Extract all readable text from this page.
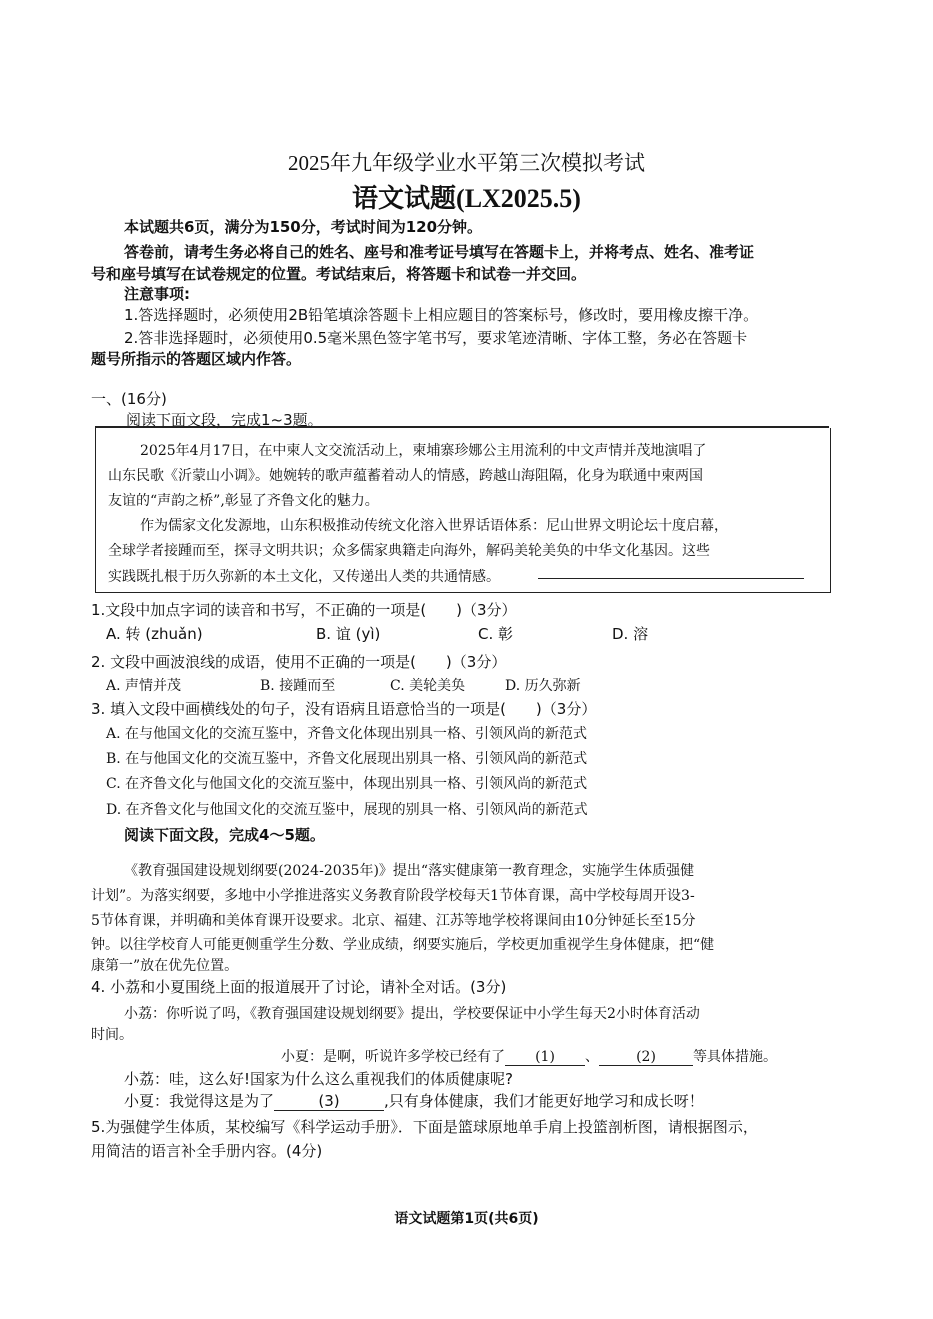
2025年九年级学业水平第三次模拟考试
语文试题(LX2025.5)
本试题共6页，满分为150分，考试时间为120分钟。
答卷前，请考生务必将自己的姓名、座号和准考证号填写在答题卡上，并将考点、姓名、准考证
号和座号填写在试卷规定的位置。考试结束后，将答题卡和试卷一并交回。
注意事项:
1.答选择题时，必须使用2B铅笔填涂答题卡上相应题目的答案标号，修改时，要用橡皮擦干净。
2.答非选择题时，必须使用0.5毫米黑色签字笔书写，要求笔迹清晰、字体工整，务必在答题卡
题号所指示的答题区域内作答。
一、(16分)
阅读下面文段，完成1~3题。
2025年4月17日，在中柬人文交流活动上，柬埔寨珍娜公主用流利的中文声情并茂地演唱了
山东民歌《沂蒙山小调》。她婉转的歌声蕴蓄着动人的情感，跨越山海阻隔，化身为联通中柬两国
友谊的“声韵之桥”,彰显了齐鲁文化的魅力。
作为儒家文化发源地，山东积极推动传统文化溶入世界话语体系：尼山世界文明论坛十度启幕，
全球学者接踵而至，探寻文明共识；众多儒家典籍走向海外，解码美轮美奂的中华文化基因。这些
实践既扎根于历久弥新的本土文化，又传递出人类的共通情感。
1.文段中加点字词的读音和书写，不正确的一项是(　　)（3分）
A. 转 (zhuǎn)	B. 谊 (yì)	C. 彰	D. 溶
2. 文段中画波浪线的成语，使用不正确的一项是(　　)（3分）
A. 声情并茂	B. 接踵而至	C. 美轮美奂	D. 历久弥新
3. 填入文段中画横线处的句子，没有语病且语意恰当的一项是(　　)（3分）
A. 在与他国文化的交流互鉴中，齐鲁文化体现出别具一格、引领风尚的新范式
B. 在与他国文化的交流互鉴中，齐鲁文化展现出别具一格、引领风尚的新范式
C. 在齐鲁文化与他国文化的交流互鉴中，体现出别具一格、引领风尚的新范式
D. 在齐鲁文化与他国文化的交流互鉴中，展现的别具一格、引领风尚的新范式
阅读下面文段，完成4～5题。
《教育强国建设规划纲要(2024-2035年)》提出“落实健康第一教育理念，实施学生体质强健
计划”。为落实纲要，多地中小学推进落实义务教育阶段学校每天1节体育课，高中学校每周开设3-
5节体育课，并明确和美体育课开设要求。北京、福建、江苏等地学校将课间由10分钟延长至15分
钟。以往学校育人可能更侧重学生分数、学业成绩，纲要实施后，学校更加重视学生身体健康，把“健
康第一”放在优先位置。
4. 小荔和小夏围绕上面的报道展开了讨论，请补全对话。(3分)
小荔：你听说了吗，《教育强国建设规划纲要》提出，学校要保证中小学生每天2小时体育活动
时间。
小夏：是啊，听说许多学校已经有了 (1) 、	(2)	等具体措施。
小荔：哇，这么好!国家为什么这么重视我们的体质健康呢?
小夏：我觉得这是为了	(3)	,只有身体健康，我们才能更好地学习和成长呀！
5.为强健学生体质，某校编写《科学运动手册》．下面是篮球原地单手肩上投篮剖析图，请根据图示，
用简洁的语言补全手册内容。(4分)
语文试题第1页(共6页)
